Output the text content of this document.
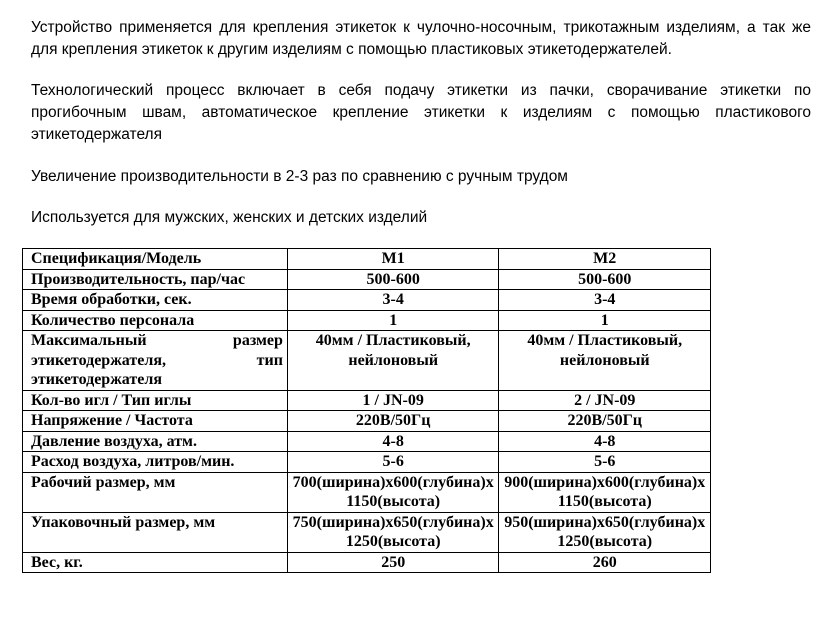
Устройство применяется для крепления этикеток к чулочно-носочным, трикотажным изделиям, а так же для крепления этикеток к другим изделиям с помощью пластиковых этикетодержателей.

Технологический процесс включает в себя подачу этикетки из пачки, сворачивание этикетки по прогибочным швам, автоматическое крепление этикетки к изделиям с помощью пластикового этикетодержателя

Увеличение производительности в 2-3 раз по сравнению с ручным трудом

Используется для мужских, женских и детских изделий

Спецификация/Модель	M1	M2
Производительность, пар/час	500-600	500-600
Время обработки, сек.	3-4	3-4
Количество персонала	1	1
Максимальный размер этикетодержателя, тип этикетодержателя	40мм / Пластиковый, нейлоновый	40мм / Пластиковый, нейлоновый
Кол-во игл / Тип иглы	1 / JN-09	2 / JN-09
Напряжение / Частота	220В/50Гц	220В/50Гц
Давление воздуха, атм.	4-8	4-8
Расход воздуха, литров/мин.	5-6	5-6
Рабочий размер, мм	700(ширина)x600(глубина)x1150(высота)	900(ширина)x600(глубина)x1150(высота)
Упаковочный размер, мм	750(ширина)x650(глубина)x1250(высота)	950(ширина)x650(глубина)x1250(высота)
Вес, кг.	250	260
